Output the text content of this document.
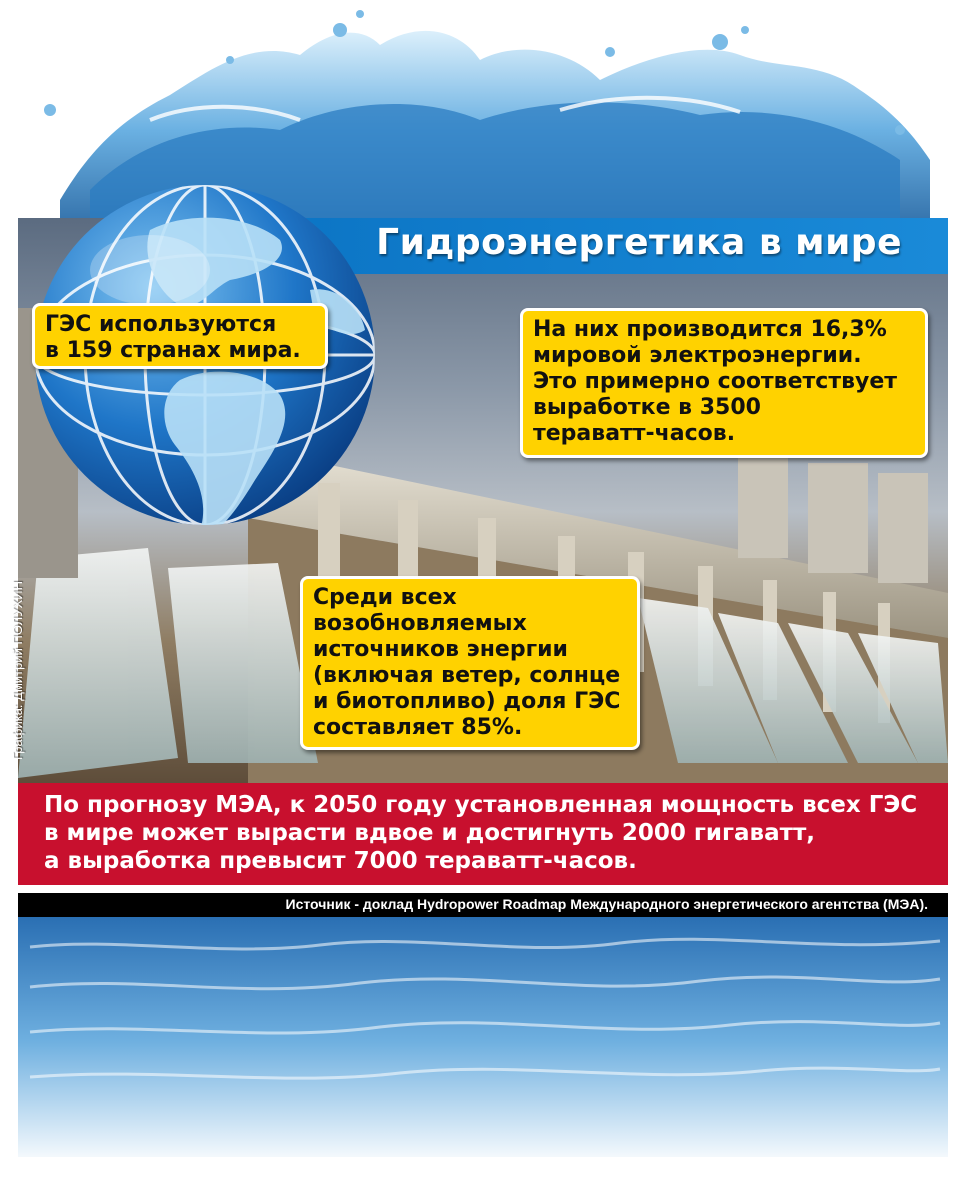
Гидроэнергетика в мире
ГЭС используются
в 159 странах мира.
На них производится 16,3%
мировой электроэнергии.
Это примерно соответствует
выработке в 3500
тераватт-часов.
Среди всех
возобновляемых
источников энергии
(включая ветер, солнце
и биотопливо) доля ГЭС
составляет 85%.
Графика: Дмитрий ПОЛУХИН
По прогнозу МЭА, к 2050 году установленная мощность всех ГЭС
в мире может вырасти вдвое и достигнуть 2000 гигаватт,
а выработка превысит 7000 тераватт-часов.
Источник - доклад Hydropower Roadmap Международного энергетического агентства (МЭА).
